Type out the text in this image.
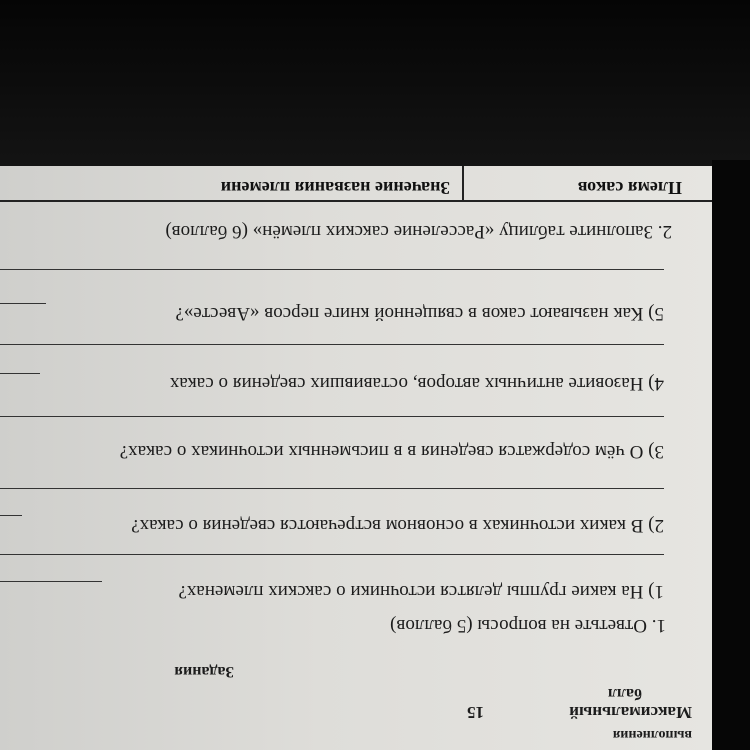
выполнения
Максимальный
15
балл
Задания
1. Ответьте на вопросы (5 баллов)
1) На какие группы делятся источники о сакских племенах?
2) В каких источниках в основном встречаются сведения о саках?
3) О чём содержатся сведения в в письменных источниках о саках?
4) Назовите античных авторов, оставивших сведения о саках
5) Как называют саков в священной книге персов «Авесте»?
2. Заполните таблицу «Расселение сакских племён» (6 баллов)
Племя саков
Значение названия племени
